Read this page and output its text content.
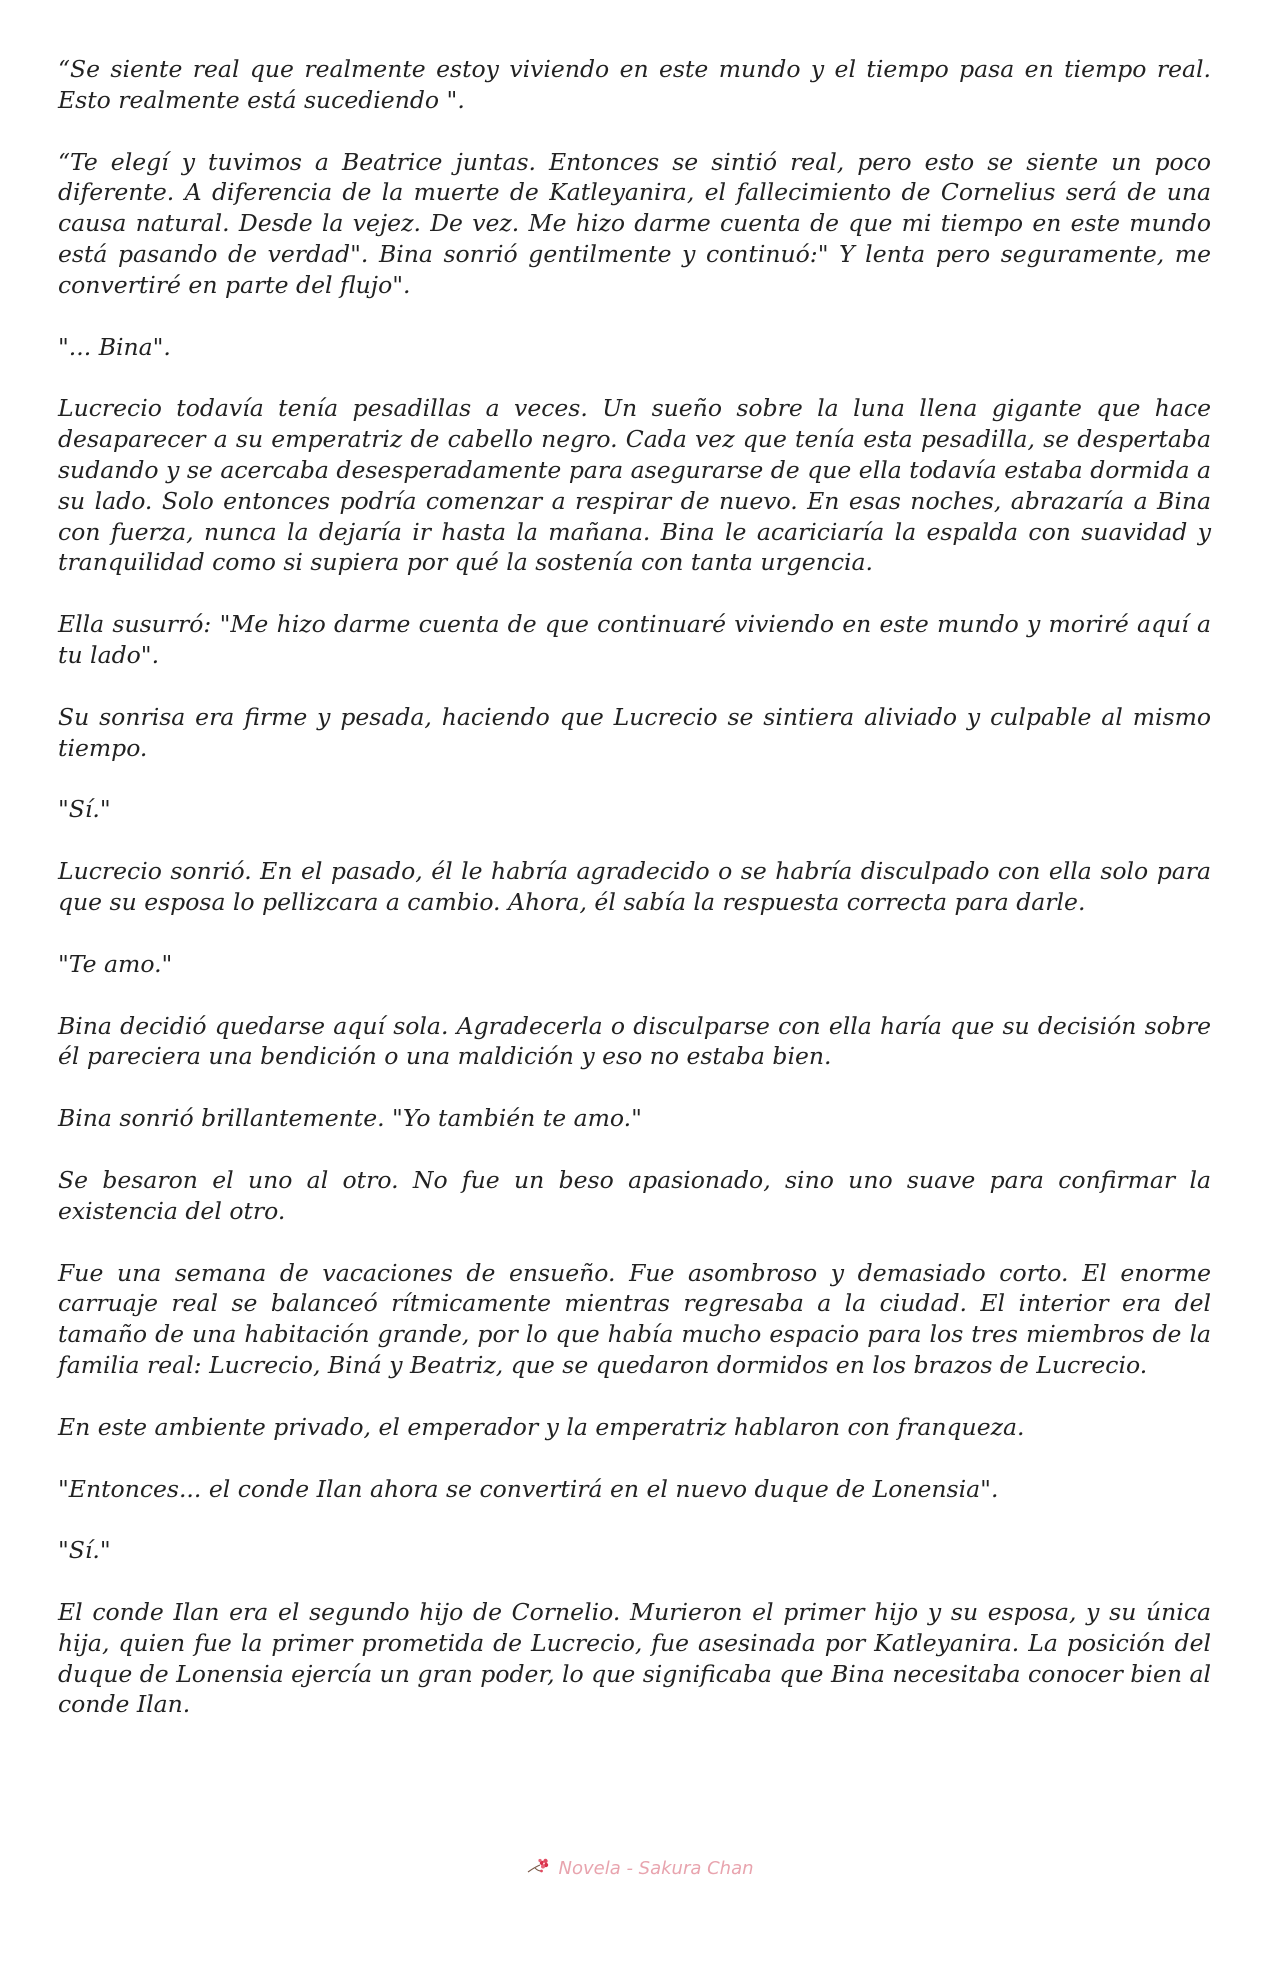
“Se siente real que realmente estoy viviendo en este mundo y el tiempo pasa en tiempo real. Esto realmente está sucediendo ".

“Te elegí y tuvimos a Beatrice juntas. Entonces se sintió real, pero esto se siente un poco diferente. A diferencia de la muerte de Katleyanira, el fallecimiento de Cornelius será de una causa natural. Desde la vejez. De vez. Me hizo darme cuenta de que mi tiempo en este mundo está pasando de verdad". Bina sonrió gentilmente y continuó:" Y lenta pero seguramente, me convertiré en parte del flujo".

"... Bina".

Lucrecio todavía tenía pesadillas a veces. Un sueño sobre la luna llena gigante que hace desaparecer a su emperatriz de cabello negro. Cada vez que tenía esta pesadilla, se despertaba sudando y se acercaba desesperadamente para asegurarse de que ella todavía estaba dormida a su lado. Solo entonces podría comenzar a respirar de nuevo. En esas noches, abrazaría a Bina con fuerza, nunca la dejaría ir hasta la mañana. Bina le acariciaría la espalda con suavidad y tranquilidad como si supiera por qué la sostenía con tanta urgencia.

Ella susurró: "Me hizo darme cuenta de que continuaré viviendo en este mundo y moriré aquí a tu lado".

Su sonrisa era firme y pesada, haciendo que Lucrecio se sintiera aliviado y culpable al mismo tiempo.

"Sí."

Lucrecio sonrió. En el pasado, él le habría agradecido o se habría disculpado con ella solo para que su esposa lo pellizcara a cambio. Ahora, él sabía la respuesta correcta para darle.

"Te amo."

Bina decidió quedarse aquí sola. Agradecerla o disculparse con ella haría que su decisión sobre él pareciera una bendición o una maldición y eso no estaba bien.

Bina sonrió brillantemente. "Yo también te amo."

Se besaron el uno al otro. No fue un beso apasionado, sino uno suave para confirmar la existencia del otro.

Fue una semana de vacaciones de ensueño. Fue asombroso y demasiado corto. El enorme carruaje real se balanceó rítmicamente mientras regresaba a la ciudad. El interior era del tamaño de una habitación grande, por lo que había mucho espacio para los tres miembros de la familia real: Lucrecio, Biná y Beatriz, que se quedaron dormidos en los brazos de Lucrecio.

En este ambiente privado, el emperador y la emperatriz hablaron con franqueza.

"Entonces... el conde Ilan ahora se convertirá en el nuevo duque de Lonensia".

"Sí."

El conde Ilan era el segundo hijo de Cornelio. Murieron el primer hijo y su esposa, y su única hija, quien fue la primer prometida de Lucrecio, fue asesinada por Katleyanira. La posición del duque de Lonensia ejercía un gran poder, lo que significaba que Bina necesitaba conocer bien al conde Ilan.

Novela - Sakura Chan
